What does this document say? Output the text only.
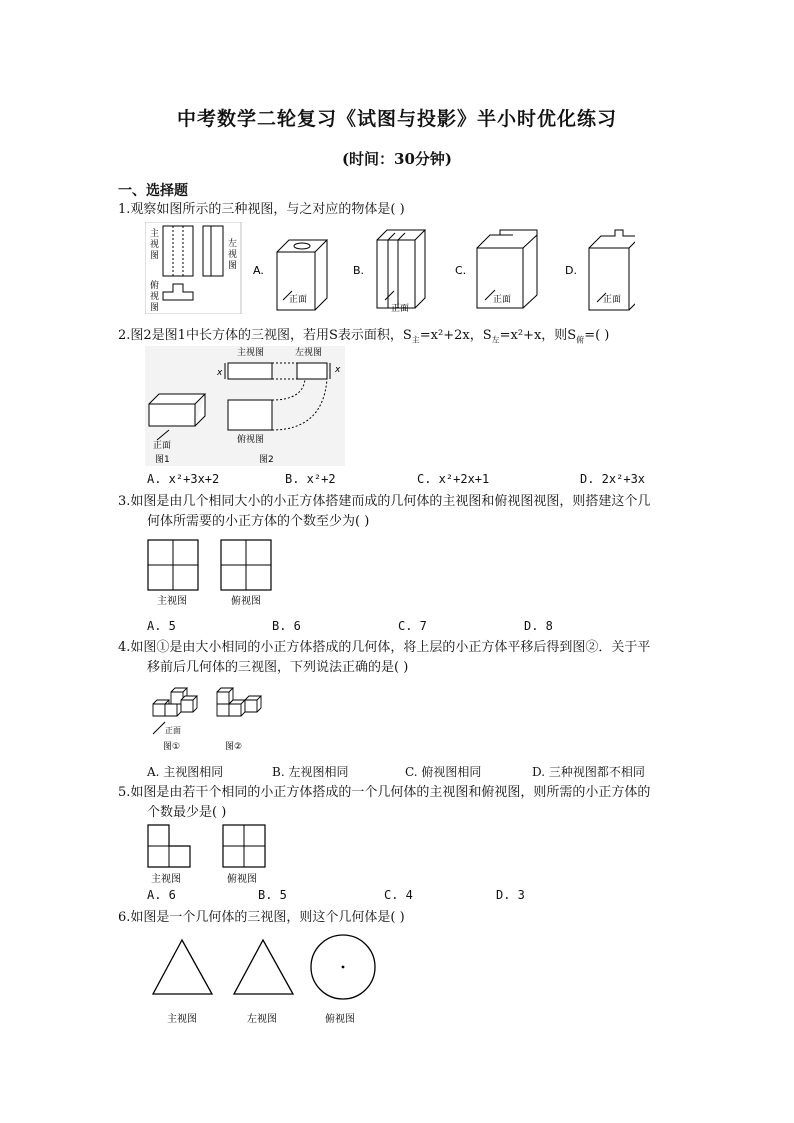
中考数学二轮复习《试图与投影》半小时优化练习
(时间：30分钟)
一、选择题
1.观察如图所示的三种视图，与之对应的物体是( )
主
视
图
左
视
图
俯
视
图
A.
正面
B.
正面
C.
正面
D.
正面
2.图2是图1中长方体的三视图，若用S表示面积，$S_主=x^2+2x$，$S_左=x^2+x$，则$S_俯=$( )
正面
图1
主视图
x
左视图
x
俯视图
图2
A. x²+3x+2	B. x²+2	C. x²+2x+1	D. 2x²+3x
3.如图是由几个相同大小的小正方体搭建而成的几何体的主视图和俯视图视图，则搭建这个几
何体所需要的小正方体的个数至少为( )
主视图	俯视图
A. 5	B. 6	C. 7	D. 8
4.如图①是由大小相同的小正方体搭成的几何体，将上层的小正方体平移后得到图②．关于平
移前后几何体的三视图，下列说法正确的是( )
正面
图①	图②
A. 主视图相同	B. 左视图相同	C. 俯视图相同	D. 三种视图都不相同
5.如图是由若干个相同的小正方体搭成的一个几何体的主视图和俯视图，则所需的小正方体的
个数最少是( )
主视图	俯视图
A. 6	B. 5	C. 4	D. 3
6.如图是一个几何体的三视图，则这个几何体是( )
主视图	左视图	俯视图
